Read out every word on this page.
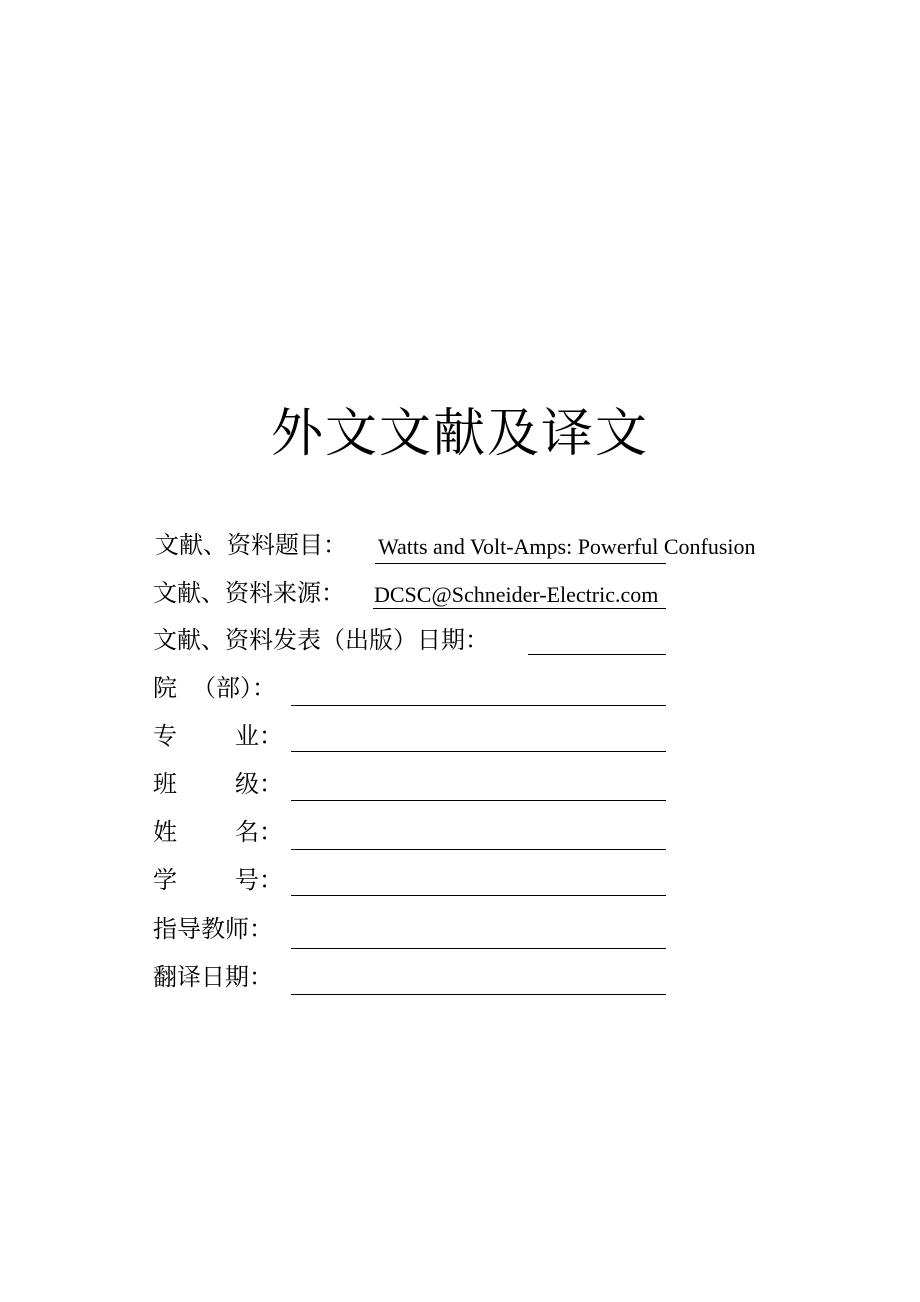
外文文献及译文
文献、资料题目： Watts and Volt-Amps: Powerful Confusion
文献、资料来源： DCSC@Schneider-Electric.com
文献、资料发表（出版）日期：
院 （部）：
专 业：
班 级：
姓 名：
学 号：
指导教师：
翻译日期：
